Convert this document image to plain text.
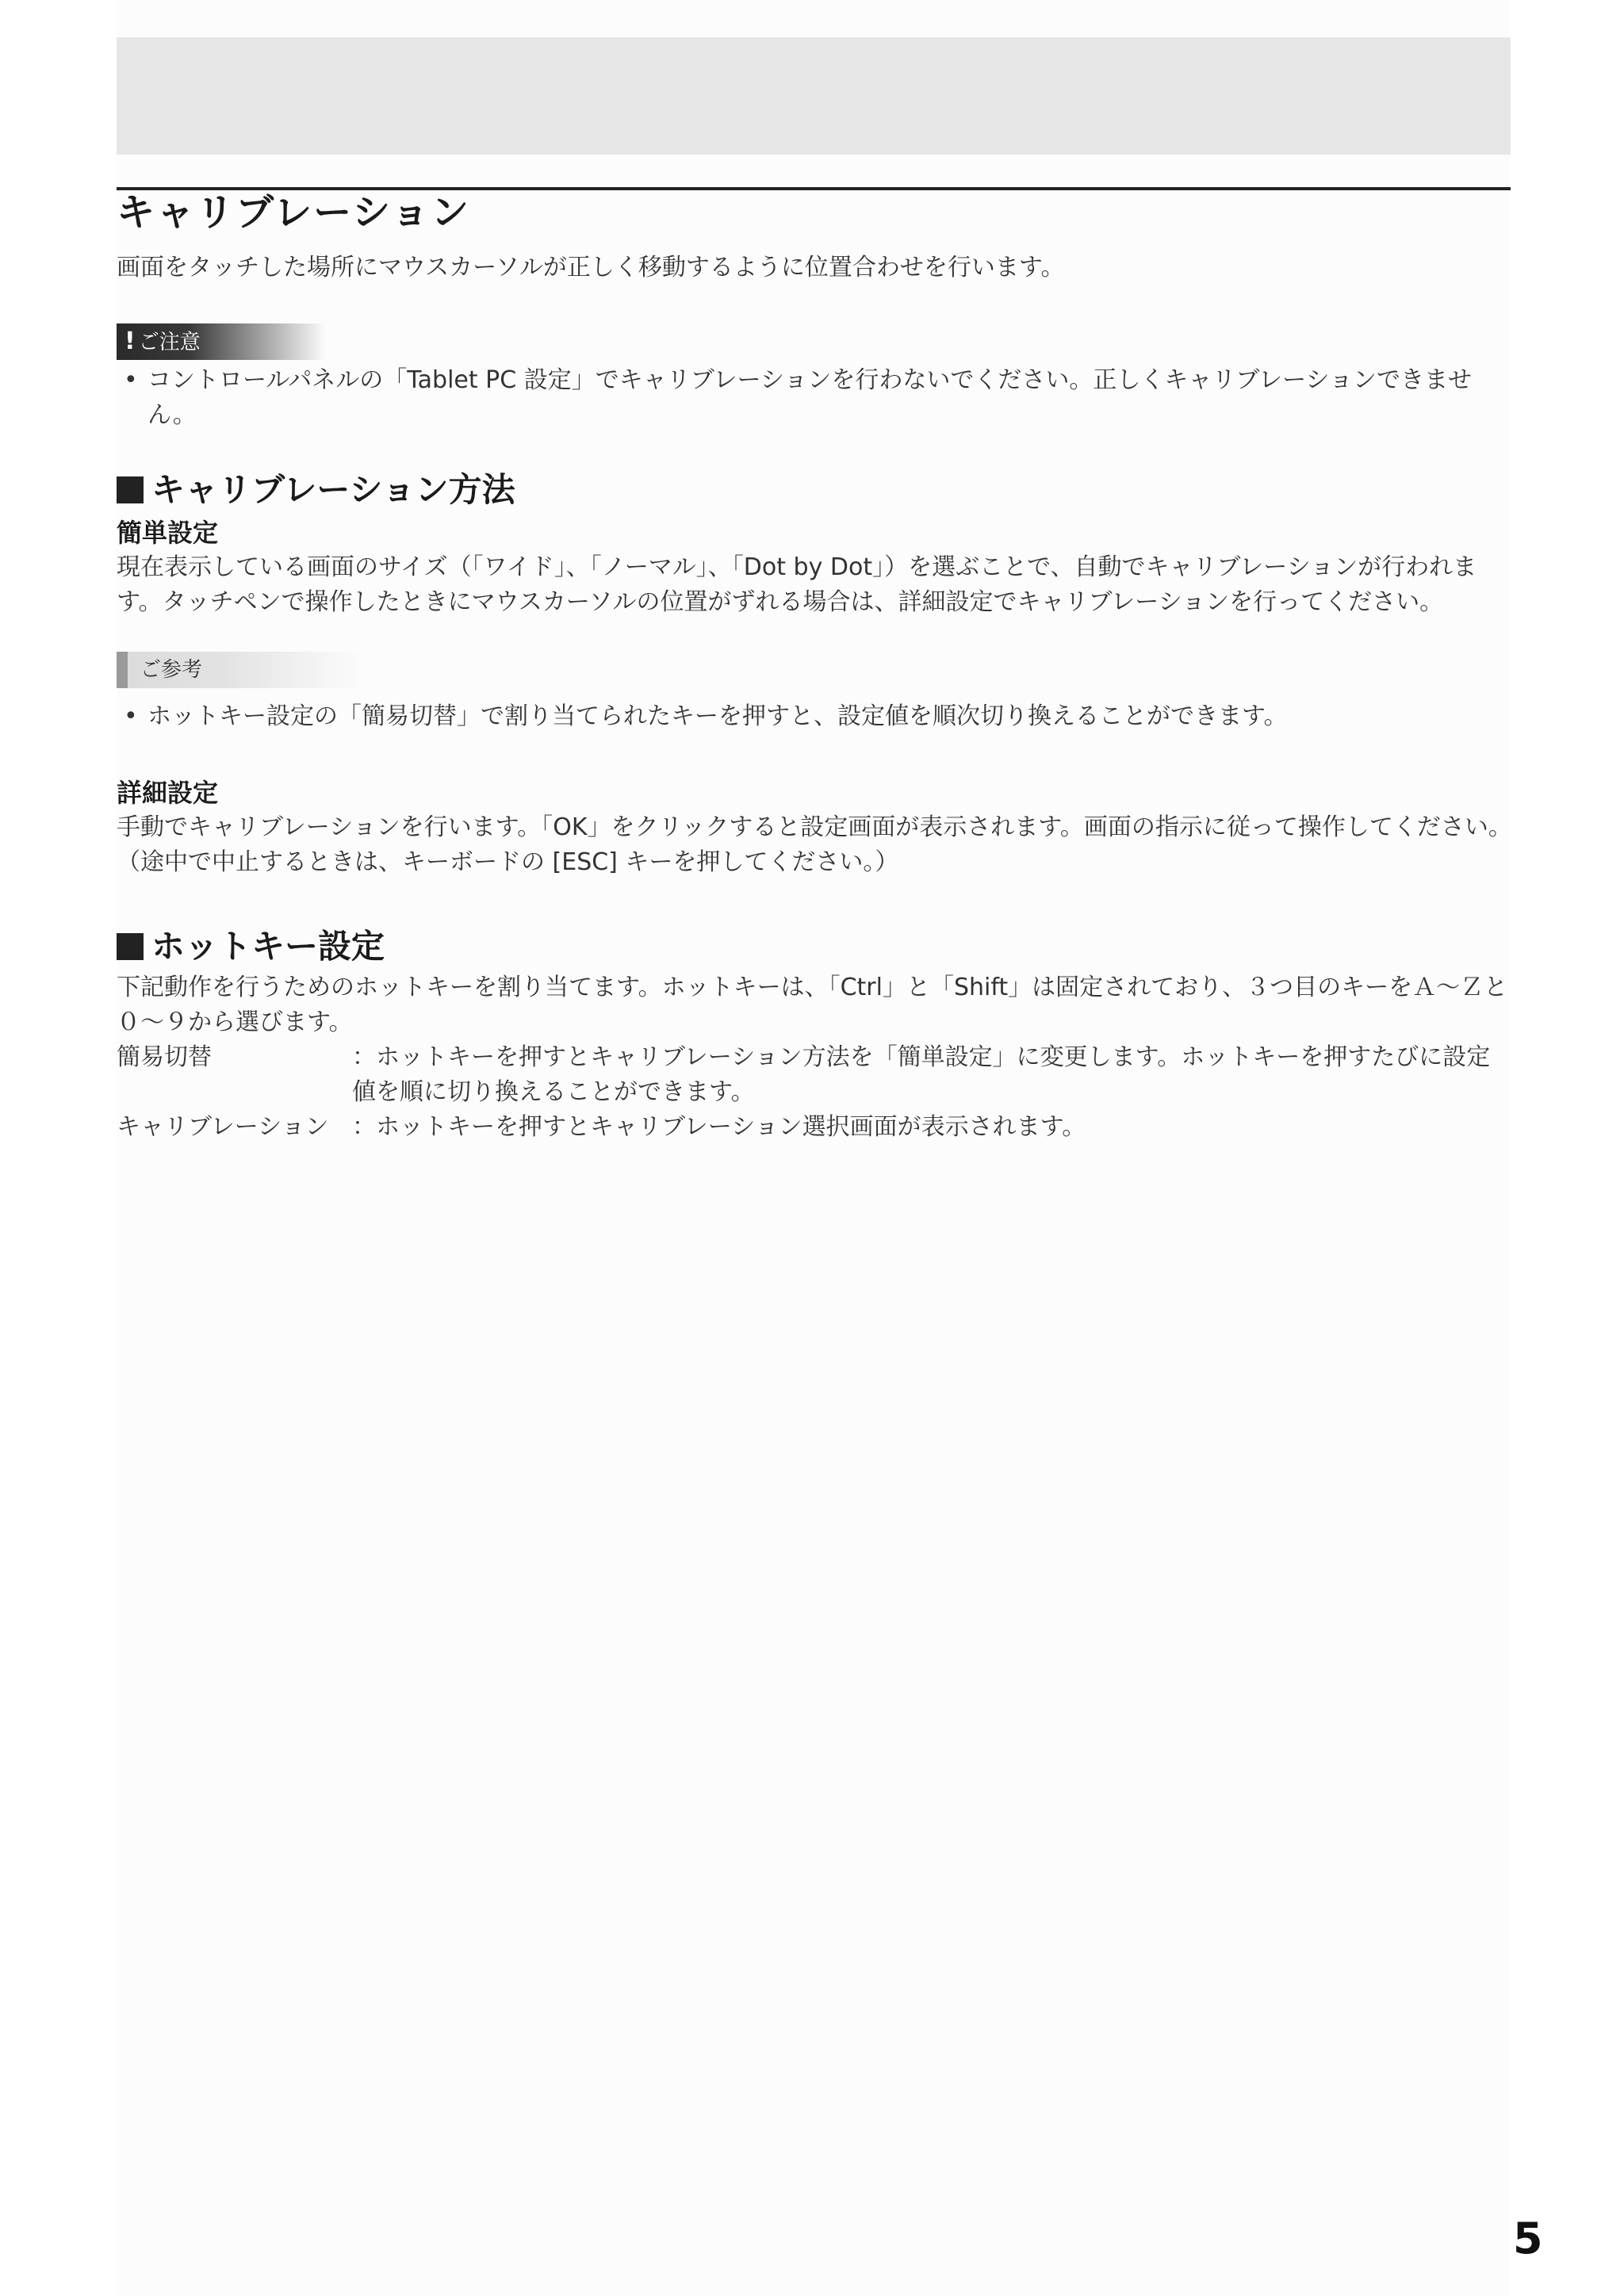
キャリブレーション
画面をタッチした場所にマウスカーソルが正しく移動するように位置合わせを行います。
! ご注意
• コントロールパネルの「Tablet PC 設定」でキャリブレーションを行わないでください。正しくキャリブレーションできません。
キャリブレーション方法
簡単設定
現在表示している画面のサイズ（「ワイド」、「ノーマル」、「Dot by Dot」）を選ぶことで、自動でキャリブレーションが行われます。タッチペンで操作したときにマウスカーソルの位置がずれる場合は、詳細設定でキャリブレーションを行ってください。
ご参考
• ホットキー設定の「簡易切替」で割り当てられたキーを押すと、設定値を順次切り換えることができます。
詳細設定
手動でキャリブレーションを行います。「OK」をクリックすると設定画面が表示されます。画面の指示に従って操作してください。（途中で中止するときは、キーボードの [ESC] キーを押してください。）
ホットキー設定
下記動作を行うためのホットキーを割り当てます。ホットキーは、「Ctrl」と「Shift」は固定されており、３つ目のキーをＡ～Ｚと０～９から選びます。
簡易切替	：ホットキーを押すとキャリブレーション方法を「簡単設定」に変更します。ホットキーを押すたびに設定値を順に切り換えることができます。
キャリブレーション ：ホットキーを押すとキャリブレーション選択画面が表示されます。
5
